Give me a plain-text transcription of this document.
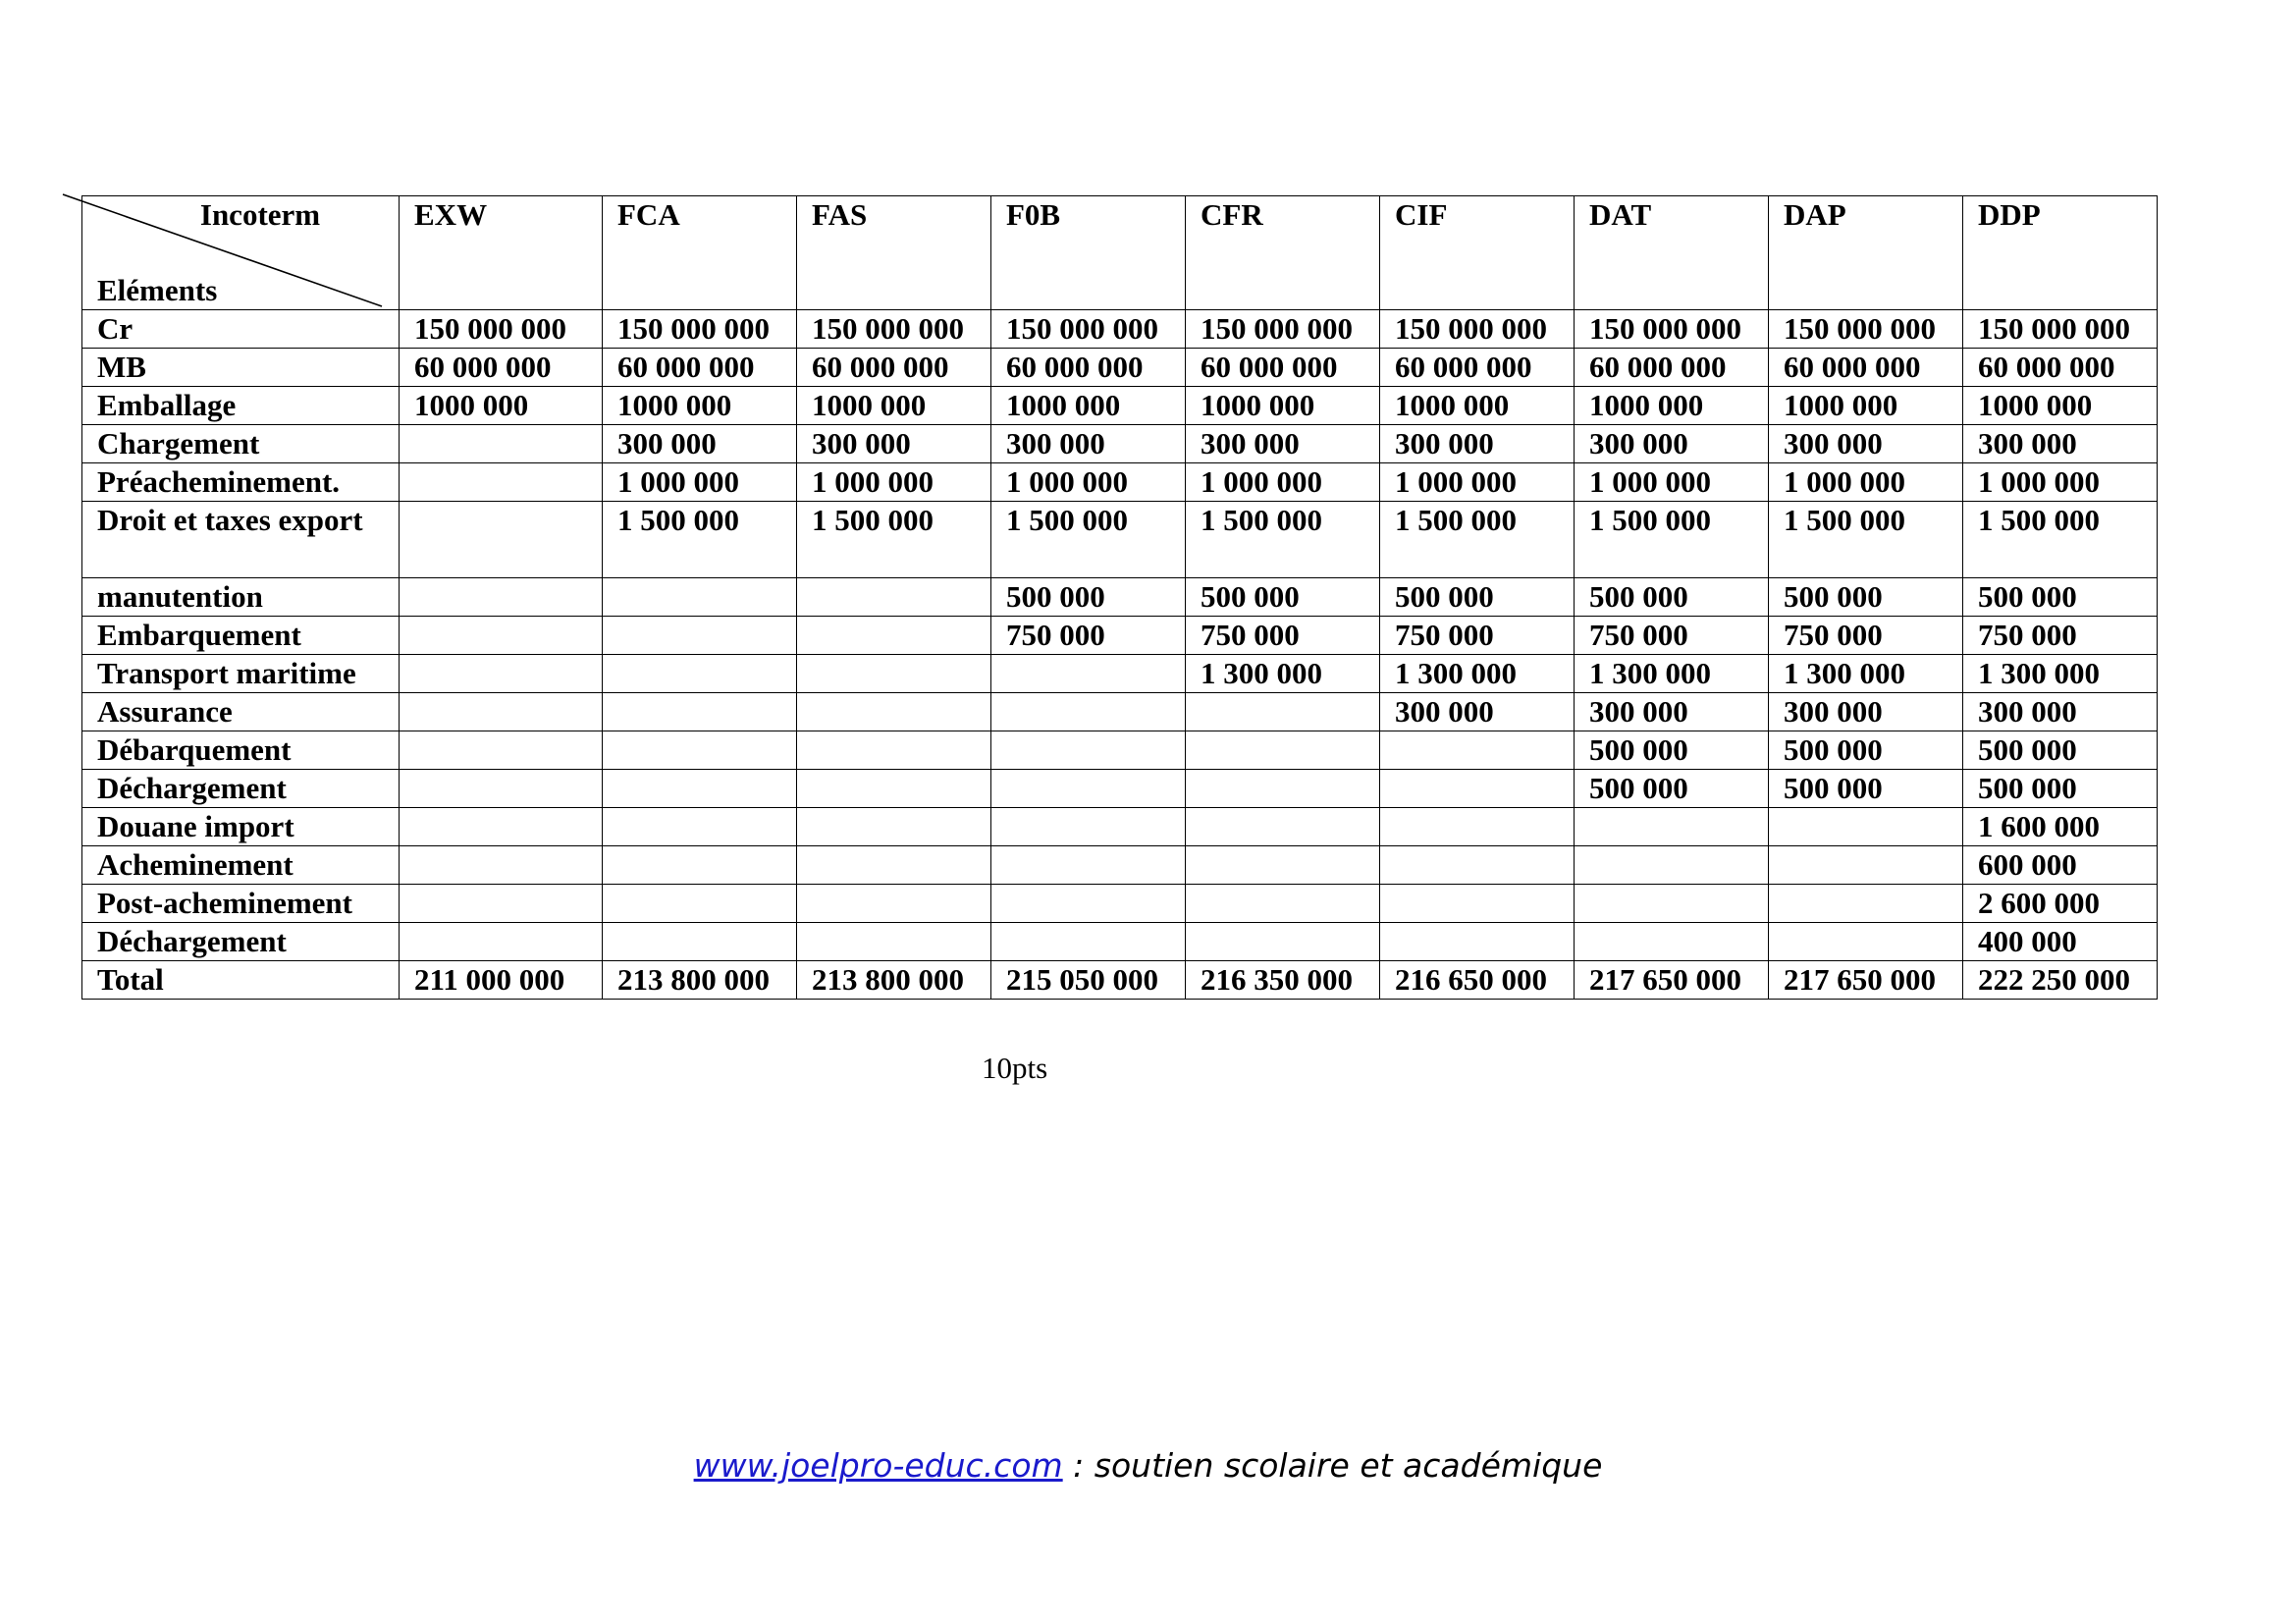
Incoterm
Eléments	EXW	FCA	FAS	F0B	CFR	CIF	DAT	DAP	DDP
Cr	150 000 000	150 000 000	150 000 000	150 000 000	150 000 000	150 000 000	150 000 000	150 000 000	150 000 000
MB	60 000 000	60 000 000	60 000 000	60 000 000	60 000 000	60 000 000	60 000 000	60 000 000	60 000 000
Emballage	1000 000	1000 000	1000 000	1000 000	1000 000	1000 000	1000 000	1000 000	1000 000
Chargement		300 000	300 000	300 000	300 000	300 000	300 000	300 000	300 000
Préacheminement.		1 000 000	1 000 000	1 000 000	1 000 000	1 000 000	1 000 000	1 000 000	1 000 000
Droit et taxes export		1 500 000	1 500 000	1 500 000	1 500 000	1 500 000	1 500 000	1 500 000	1 500 000
manutention				500 000	500 000	500 000	500 000	500 000	500 000
Embarquement				750 000	750 000	750 000	750 000	750 000	750 000
Transport maritime					1 300 000	1 300 000	1 300 000	1 300 000	1 300 000
Assurance						300 000	300 000	300 000	300 000
Débarquement							500 000	500 000	500 000
Déchargement							500 000	500 000	500 000
Douane import									1 600 000
Acheminement									600 000
Post-acheminement									2 600 000
Déchargement									400 000
Total	211 000 000	213 800 000	213 800 000	215 050 000	216 350 000	216 650 000	217 650 000	217 650 000	222 250 000
10pts
www.joelpro-educ.com : soutien scolaire et académique
